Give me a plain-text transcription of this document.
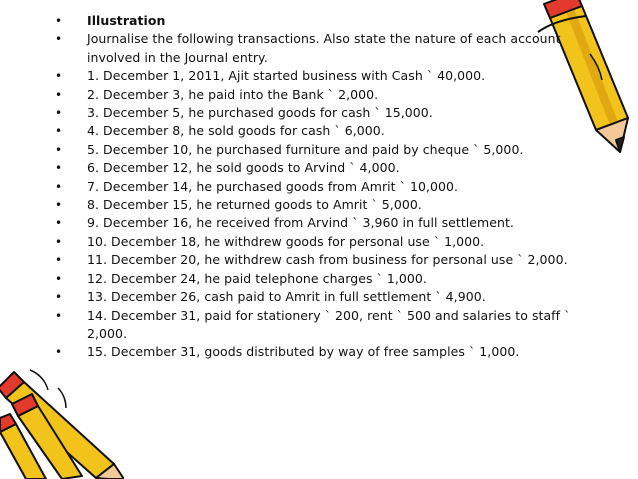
• Illustration
• Journalise the following transactions. Also state the nature of each account involved in the Journal entry.
• 1. December 1, 2011, Ajit started business with Cash ` 40,000.
• 2. December 3, he paid into the Bank ` 2,000.
• 3. December 5, he purchased goods for cash ` 15,000.
• 4. December 8, he sold goods for cash ` 6,000.
• 5. December 10, he purchased furniture and paid by cheque ` 5,000.
• 6. December 12, he sold goods to Arvind ` 4,000.
• 7. December 14, he purchased goods from Amrit ` 10,000.
• 8. December 15, he returned goods to Amrit ` 5,000.
• 9. December 16, he received from Arvind ` 3,960 in full settlement.
• 10. December 18, he withdrew goods for personal use ` 1,000.
• 11. December 20, he withdrew cash from business for personal use ` 2,000.
• 12. December 24, he paid telephone charges ` 1,000.
• 13. December 26, cash paid to Amrit in full settlement ` 4,900.
• 14. December 31, paid for stationery ` 200, rent ` 500 and salaries to staff ` 2,000.
• 15. December 31, goods distributed by way of free samples ` 1,000.
